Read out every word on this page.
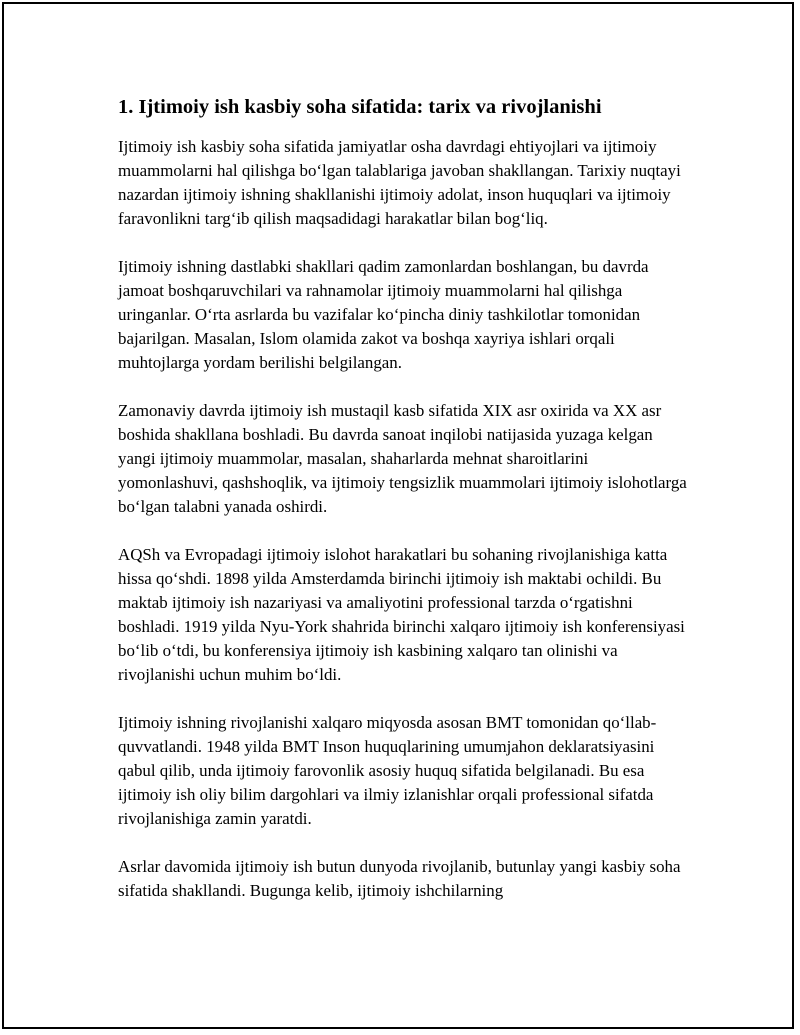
1. Ijtimoiy ish kasbiy soha sifatida: tarix va rivojlanishi

Ijtimoiy ish kasbiy soha sifatida jamiyatlar osha davrdagi ehtiyojlari va ijtimoiy muammolarni hal qilishga bo‘lgan talablariga javoban shakllangan. Tarixiy nuqtayi nazardan ijtimoiy ishning shakllanishi ijtimoiy adolat, inson huquqlari va ijtimoiy faravonlikni targ‘ib qilish maqsadidagi harakatlar bilan bog‘liq.

Ijtimoiy ishning dastlabki shakllari qadim zamonlardan boshlangan, bu davrda jamoat boshqaruvchilari va rahnamolar ijtimoiy muammolarni hal qilishga uringanlar. O‘rta asrlarda bu vazifalar ko‘pincha diniy tashkilotlar tomonidan bajarilgan. Masalan, Islom olamida zakot va boshqa xayriya ishlari orqali muhtojlarga yordam berilishi belgilangan.

Zamonaviy davrda ijtimoiy ish mustaqil kasb sifatida XIX asr oxirida va XX asr boshida shakllana boshladi. Bu davrda sanoat inqilobi natijasida yuzaga kelgan yangi ijtimoiy muammolar, masalan, shaharlarda mehnat sharoitlarini yomonlashuvi, qashshoqlik, va ijtimoiy tengsizlik muammolari ijtimoiy islohotlarga bo‘lgan talabni yanada oshirdi.

AQSh va Evropadagi ijtimoiy islohot harakatlari bu sohaning rivojlanishiga katta hissa qo‘shdi. 1898 yilda Amsterdamda birinchi ijtimoiy ish maktabi ochildi. Bu maktab ijtimoiy ish nazariyasi va amaliyotini professional tarzda o‘rgatishni boshladi. 1919 yilda Nyu-York shahrida birinchi xalqaro ijtimoiy ish konferensiyasi bo‘lib o‘tdi, bu konferensiya ijtimoiy ish kasbining xalqaro tan olinishi va rivojlanishi uchun muhim bo‘ldi.

Ijtimoiy ishning rivojlanishi xalqaro miqyosda asosan BMT tomonidan qo‘llab-quvvatlandi. 1948 yilda BMT Inson huquqlarining umumjahon deklaratsiyasini qabul qilib, unda ijtimoiy farovonlik asosiy huquq sifatida belgilanadi. Bu esa ijtimoiy ish oliy bilim dargohlari va ilmiy izlanishlar orqali professional sifatda rivojlanishiga zamin yaratdi.

Asrlar davomida ijtimoiy ish butun dunyoda rivojlanib, butunlay yangi kasbiy soha sifatida shakllandi. Bugunga kelib, ijtimoiy ishchilarning
